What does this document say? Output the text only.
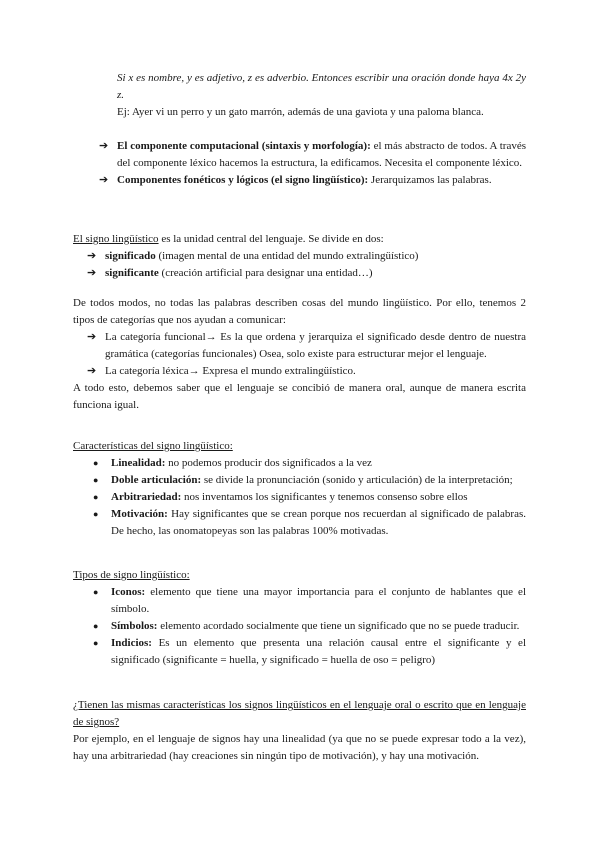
Si x es nombre, y es adjetivo, z es adverbio. Entonces escribir una oración donde haya 4x 2y z.

Ej: Ayer vi un perro y un gato marrón, además de una gaviota y una paloma blanca.

➔ El componente computacional (sintaxis y morfología): el más abstracto de todos. A través del componente léxico hacemos la estructura, la edificamos. Necesita el componente léxico.
➔ Componentes fonéticos y lógicos (el signo lingüístico): Jerarquizamos las palabras.

El signo lingüístico es la unidad central del lenguaje. Se divide en dos:

➔ significado (imagen mental de una entidad del mundo extralingüístico)
➔ significante (creación artificial para designar una entidad…)

De todos modos, no todas las palabras describen cosas del mundo lingüístico. Por ello, tenemos 2 tipos de categorías que nos ayudan a comunicar:

➔ La categoría funcional→ Es la que ordena y jerarquiza el significado desde dentro de nuestra gramática (categorías funcionales) Osea, solo existe para estructurar mejor el lenguaje.
➔ La categoría léxica→ Expresa el mundo extralingüístico.

A todo esto, debemos saber que el lenguaje se concibió de manera oral, aunque de manera escrita funciona igual.

Características del signo lingüístico:

● Linealidad: no podemos producir dos significados a la vez
● Doble articulación: se divide la pronunciación (sonido y articulación) de la interpretación;
● Arbitrariedad: nos inventamos los significantes y tenemos consenso sobre ellos
● Motivación: Hay significantes que se crean porque nos recuerdan al significado de palabras. De hecho, las onomatopeyas son las palabras 100% motivadas.

Tipos de signo lingüístico:

● Iconos: elemento que tiene una mayor importancia para el conjunto de hablantes que el símbolo.
● Símbolos: elemento acordado socialmente que tiene un significado que no se puede traducir.
● Indicios: Es un elemento que presenta una relación causal entre el significante y el significado (significante = huella, y significado = huella de oso = peligro)

¿Tienen las mismas características los signos lingüísticos en el lenguaje oral o escrito que en lenguaje de signos?

Por ejemplo, en el lenguaje de signos hay una linealidad (ya que no se puede expresar todo a la vez), hay una arbitrariedad (hay creaciones sin ningún tipo de motivación), y hay una motivación.
